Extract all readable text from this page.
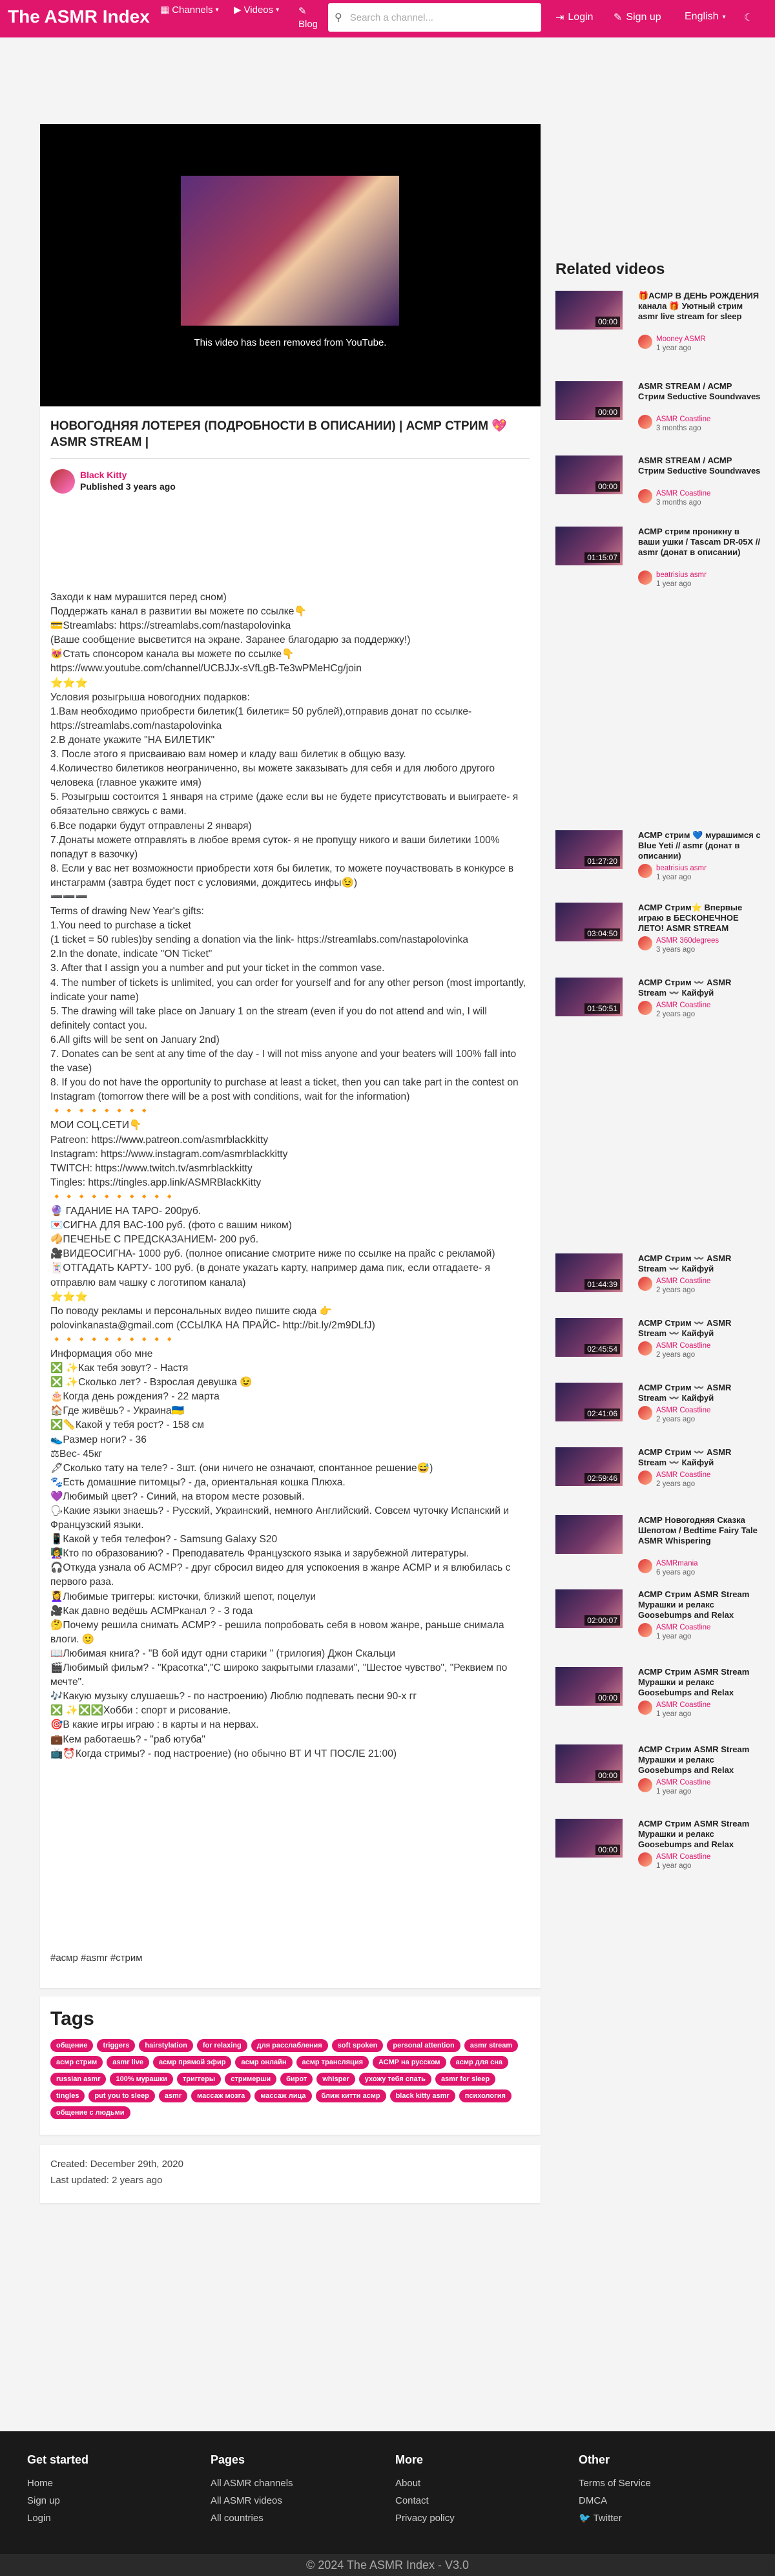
The ASMR Index ▦ Channels ▾ ▶ Videos ▾ ✎
Blog
⚲ Search a channel...	⇥ Login ✎ Sign up English ▾ ☾
This video has been removed from YouTube.
НОВОГОДНЯЯ ЛОТЕРЕЯ (ПОДРОБНОСТИ В ОПИСАНИИ) | АСМР СТРИМ 💖 ASMR STREAM |
Black Kitty
Published 3 years ago
Заходи к нам мурашится перед сном)
Поддержать канал в развитии вы можете по ссылке👇
💳Streamlabs: https://streamlabs.com/nastapolovinka
(Ваше сообщение высветится на экране. Заранее благодарю за поддержку!)
😻Стать спонсором канала вы можете по ссылке👇
https://www.youtube.com/channel/UCBJJx-sVfLgB-Te3wPMeHCg/join
⭐⭐⭐
Условия розыгрыша новогодних подарков:
1.Вам необходимо приобрести билетик(1 билетик= 50 рублей),отправив донат по ссылке- https://streamlabs.com/nastapolovinka
2.В донате укажите "НА БИЛЕТИК"
3. После этого я присваиваю вам номер и кладу ваш билетик в общую вазу.
4.Количество билетиков неограниченно, вы можете заказывать для себя и для любого другого человека (главное укажите имя)
5. Розыгрыш состоится 1 января на стриме (даже если вы не будете присутствовать и выиграете- я обязательно свяжусь с вами.
6.Все подарки будут отправлены 2 января)
7.Донаты можете отправлять в любое время суток- я не пропущу никого и ваши билетики 100% попадут в вазочку)
8. Если у вас нет возможности приобрести хотя бы билетик, то можете поучаствовать в конкурсе в инстаграмм (завтра будет пост с условиями, дождитесь инфы😉)
➖➖➖
Terms of drawing New Year's gifts:
1.You need to purchase a ticket
(1 ticket = 50 rubles)by sending a donation via the link- https://streamlabs.com/nastapolovinka
2.In the donate, indicate "ON Ticket"
3. After that I assign you a number and put your ticket in the common vase.
4. The number of tickets is unlimited, you can order for yourself and for any other person (most importantly, indicate your name)
5. The drawing will take place on January 1 on the stream (even if you do not attend and win, I will definitely contact you.
6.All gifts will be sent on January 2nd)
7. Donates can be sent at any time of the day - I will not miss anyone and your beaters will 100% fall into the vase)
8. If you do not have the opportunity to purchase at least a ticket, then you can take part in the contest on Instagram (tomorrow there will be a post with conditions, wait for the information)
🔸🔸🔸🔸🔸🔸🔸🔸
МОИ СОЦ.СЕТИ👇
Patreon: https://www.patreon.com/asmrblackkitty
Instagram: https://www.instagram.com/asmrblackkitty
TWITCH: https://www.twitch.tv/asmrblackkitty
Tingles: https://tingles.app.link/ASMRBlackKitty
🔸🔸🔸🔸🔸🔸🔸🔸🔸🔸
🔮 ГАДАНИЕ НА ТАРО- 200руб.
💌СИГНА ДЛЯ ВАС-100 руб. (фото с вашим ником)
🥠ПЕЧЕНЬЕ С ПРЕДСКАЗАНИЕМ- 200 руб.
🎥ВИДЕОСИГНА- 1000 руб. (полное описание смотрите ниже по ссылке на прайс с рекламой)
🃏ОТГАДАТЬ КАРТУ- 100 руб. (в донате укazать карту, например дама пик, если отгадаете- я отправлю вам чашку с логотипом канала)
⭐⭐⭐
По поводу рекламы и персональных видео пишите сюда 👉
polovinkanasta@gmail.com (ССЫЛКА НА ПРАЙС- http://bit.ly/2m9DLfJ)
🔸🔸🔸🔸🔸🔸🔸🔸🔸🔸
Информация обо мне
❎ ✨Как тебя зовут? - Настя
❎ ✨Сколько лет? - Взрослая девушка 😉
🎂Когда день рождения? - 22 марта
🏠Где живёшь? - Украина🇺🇦
❎📏Какой у тебя рост? - 158 см
👟Размер ноги? - 36
⚖Вес- 45кг
🖋Сколько тату на теле? - 3шт. (они ничего не означают, спонтанное решение😅)
🐾Есть домашние питомцы? - да, ориентальная кошка Плюха.
💜Любимый цвет? - Синий, на втором месте розовый.
🗣Какие языки знаешь? - Русский, Украинский, немного Английский. Совсем чуточку Испанский и Французский языки.
📱Какой у тебя телефон? - Samsung Galaxy S20
👩‍🏫Кто по образованию? - Преподаватель Французского языка и зарубежной литературы.
🎧Откуда узнала об АСМР? - друг сбросил видео для успокоения в жанре АСМР и я влюбилась с первого раза.
💆‍♀️Любимые триггеры: кисточки, близкий шепот, поцелуи
🎥Как давно ведёшь АСМРканал ? - 3 года
🤔Почему решила снимать АСМР? - решила попробовать себя в новом жанре, раньше снимала влоги. 🙂
📖Любимая книга? - "В бой идут одни старики " (трилогия) Джон Скальци
🎬Любимый фильм? - "Красотка","С широко закрытыми глазами", "Шестое чувство", "Реквием по мечте".
🎶Какую музыку слушаешь? - по настроению) Люблю подпевать песни 90-х гг
❎ ✨❎❎Хобби : спорт и рисование.
🎯В какие игры играю : в карты и на нервах.
💼Кем работаешь? - "раб ютуба"
📺⏰Когда стримы? - под настроение) (но обычно ВТ И ЧТ ПОСЛЕ 21:00)
#асмр #asmr #стрим
Related videos
00:00
🎁АСМР В ДЕНЬ РОЖДЕНИЯ канала 🎁 Уютный стрим asmr live stream for sleep
Mooney ASMR
1 year ago
00:00
ASMR STREAM / АСМР Стрим Seductive Soundwaves
ASMR Coastline
3 months ago
00:00
ASMR STREAM / АСМР Стрим Seductive Soundwaves
ASMR Coastline
3 months ago
01:15:07
АСМР стрим проникну в ваши ушки / Tascam DR-05X // asmr (донат в описании)
beatrisius asmr
1 year ago
01:27:20
АСМР стрим 💙 мурашимся с Blue Yeti // asmr (донат в описании)
beatrisius asmr
1 year ago
03:04:50
АСМР Стрим⭐ Впервые играю в БЕСКОНЕЧНОЕ ЛЕТО! ASMR STREAM
ASMR 360degrees
3 years ago
01:50:51
АСМР Стрим 〰️ ASMR Stream 〰️ Кайфуй
ASMR Coastline
2 years ago
01:44:39
АСМР Стрим 〰️ ASMR Stream 〰️ Кайфуй
ASMR Coastline
2 years ago
02:45:54
АСМР Стрим 〰️ ASMR Stream 〰️ Кайфуй
ASMR Coastline
2 years ago
02:41:06
АСМР Стрим 〰️ ASMR Stream 〰️ Кайфуй
ASMR Coastline
2 years ago
02:59:46
АСМР Стрим 〰️ ASMR Stream 〰️ Кайфуй
ASMR Coastline
2 years ago
АСМР Новогодняя Сказка Шепотом / Bedtime Fairy Tale ASMR Whispering
ASMRmania
6 years ago
02:00:07
АСМР Стрим ASMR Stream Мурашки и релакс Goosebumps and Relax
ASMR Coastline
1 year ago
00:00
АСМР Стрим ASMR Stream Мурашки и релакс Goosebumps and Relax
ASMR Coastline
1 year ago
00:00
АСМР Стрим ASMR Stream Мурашки и релакс Goosebumps and Relax
ASMR Coastline
1 year ago
00:00
АСМР Стрим ASMR Stream Мурашки и релакс Goosebumps and Relax
ASMR Coastline
1 year ago
Tags
общение	triggers	hairstylation	for relaxing	для расслабления	soft spoken	personal attention	asmr stream
асмр стрим	asmr live	асмр прямой эфир	асмр онлайн	асмр трансляция	АСМР на русском	асмр для сна
russian asmr	100% мурашки	триггеры	стримерши	бирот	whisper	ухожу тебя спать	asmr for sleep
tingles	put you to sleep	asmr	массаж мозга	массаж лица	ближ китти асмр	black kitty asmr	психология
общение с людьми
Created: December 29th, 2020
Last updated: 2 years ago
Get started
Home
Sign up
Login
Pages
All ASMR channels
All ASMR videos
All countries
More
About
Contact
Privacy policy
Other
Terms of Service
DMCA
🐦 Twitter
© 2024 The ASMR Index - V3.0
